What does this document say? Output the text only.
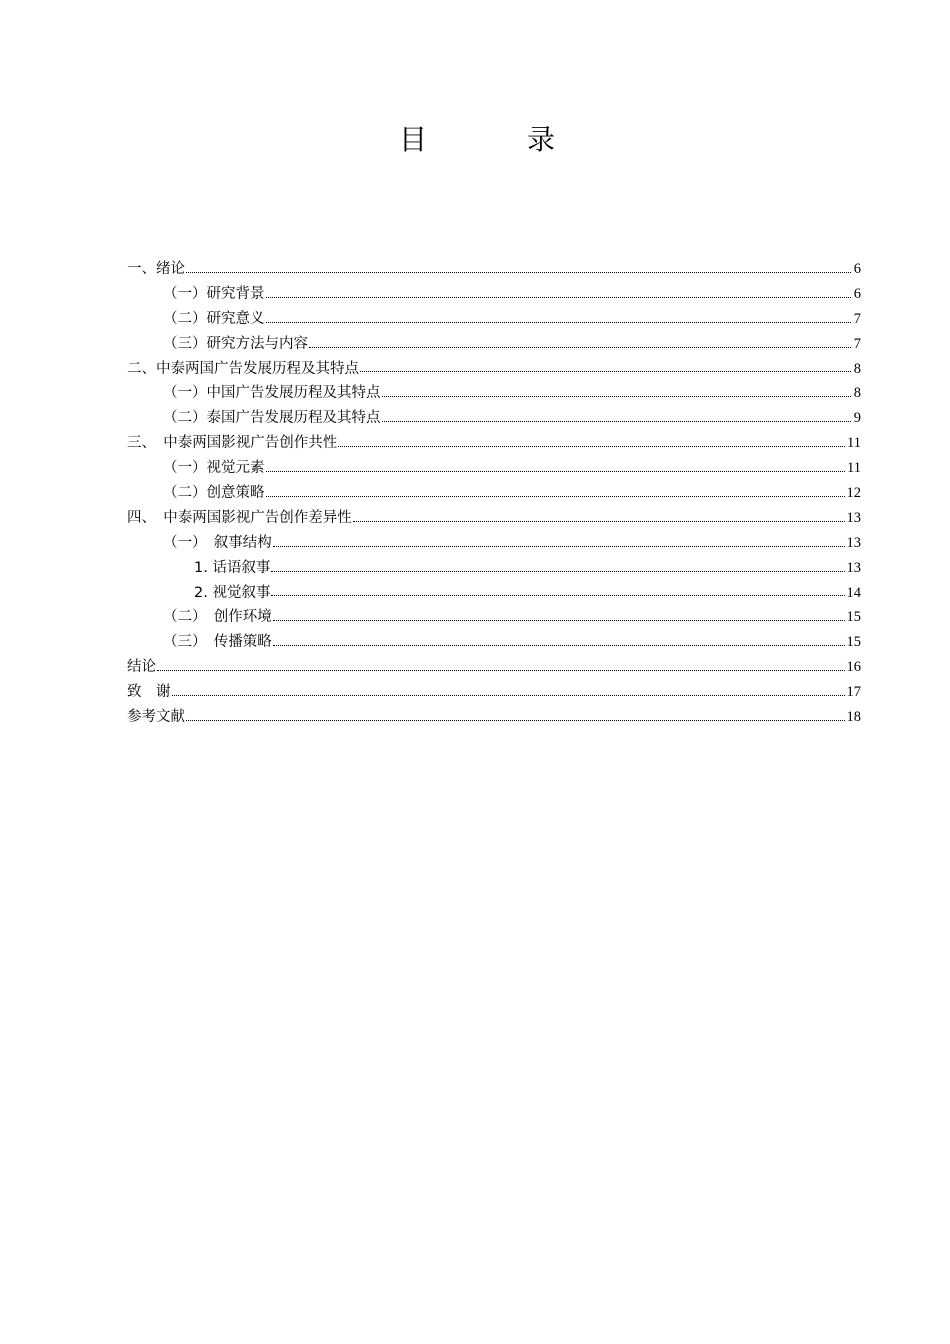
目　录
一、绪论	6
（一）研究背景	6
（二）研究意义	7
（三）研究方法与内容	7
二、中泰两国广告发展历程及其特点	8
（一）中国广告发展历程及其特点	8
（二）泰国广告发展历程及其特点	9
三、　中泰两国影视广告创作共性	11
（一）视觉元素	11
（二）创意策略	12
四、　中泰两国影视广告创作差异性	13
（一）　叙事结构	13
1. 话语叙事	13
2. 视觉叙事	14
（二）　创作环境	15
（三）　传播策略	15
结论	16
致　谢	17
参考文献	18
